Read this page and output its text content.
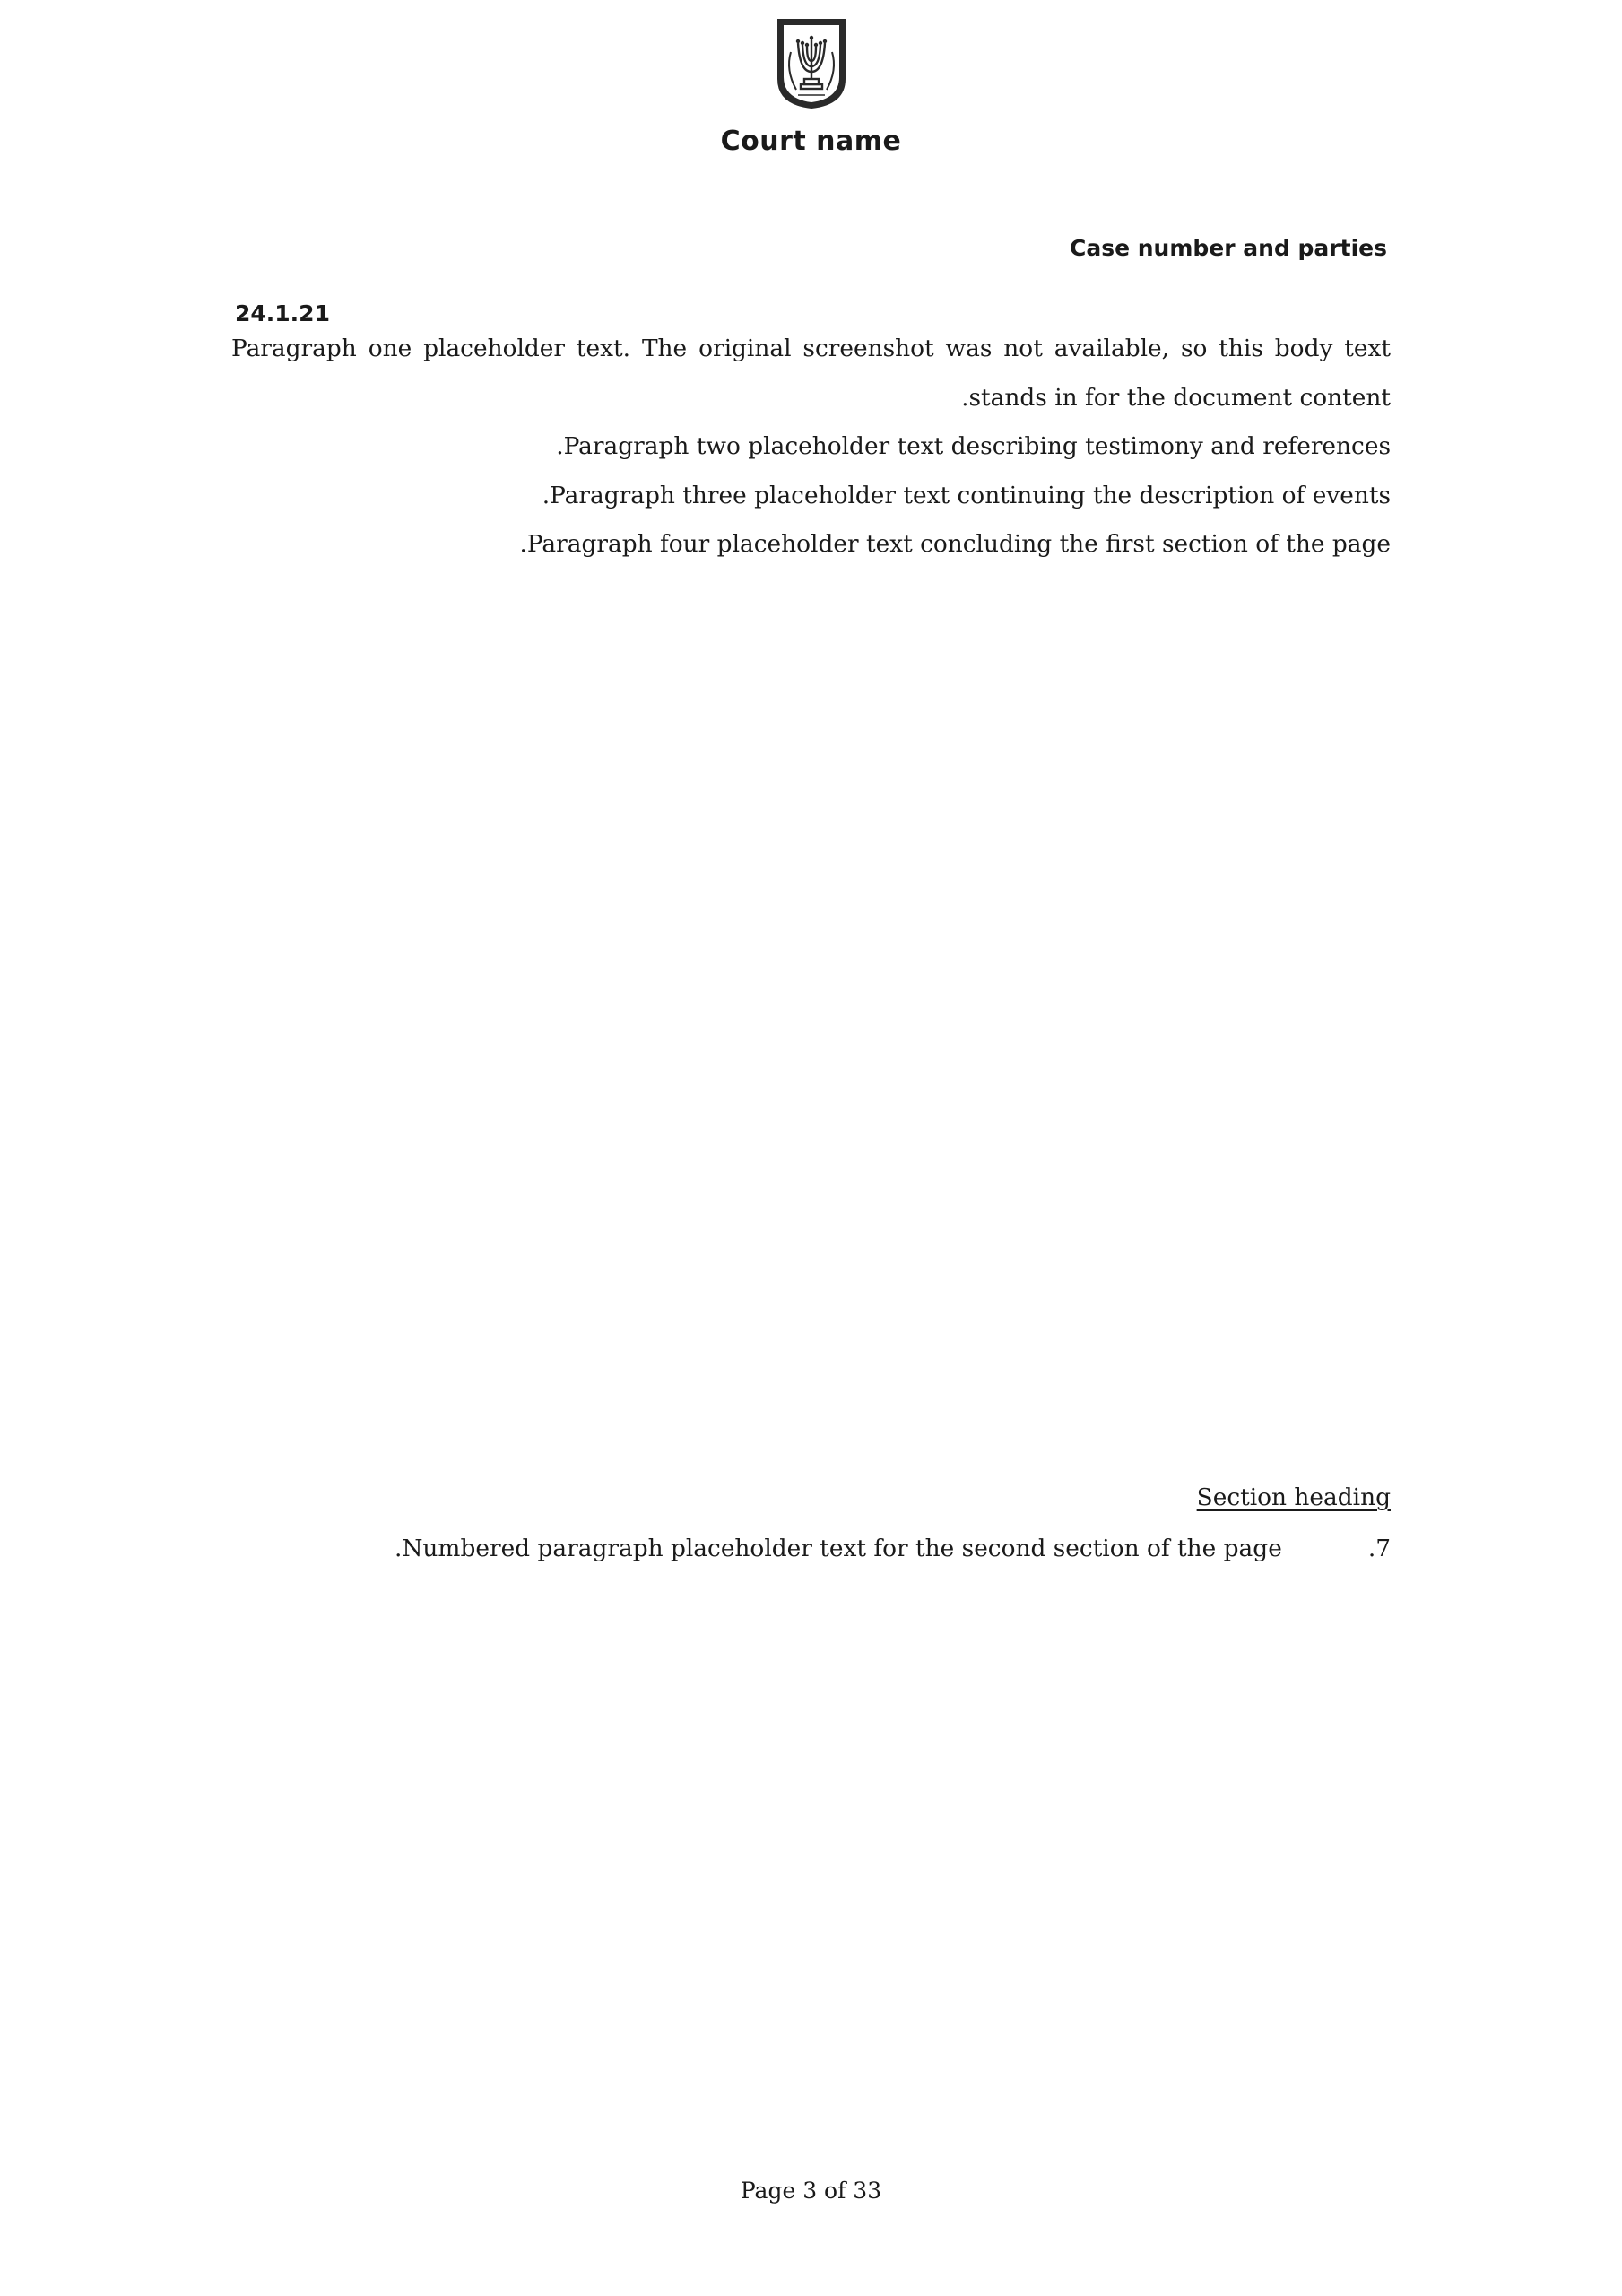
Court name
Case number and parties
24.1.21

Paragraph one placeholder text. The original screenshot was not available, so this body text stands in for the document content.

Paragraph two placeholder text describing testimony and references.

Paragraph three placeholder text continuing the description of events.

Paragraph four placeholder text concluding the first section of the page.

Section heading

7.Numbered paragraph placeholder text for the second section of the page.

Page 3 of 33
